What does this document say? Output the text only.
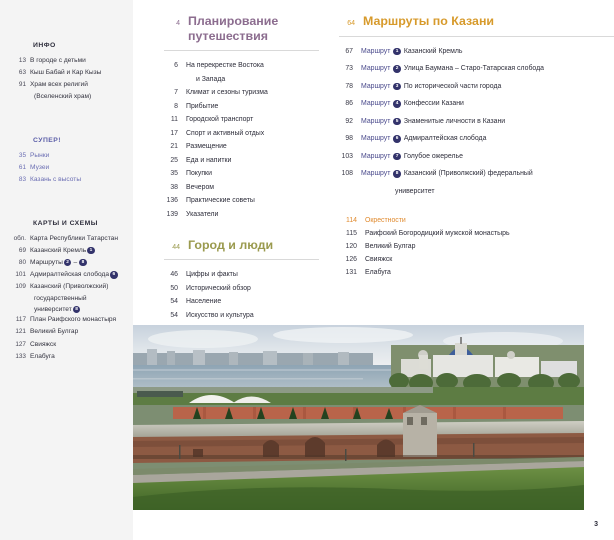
ИНФО
13 В городе с детьми
63 Кыш Бабай и Кар Кызы
91 Храм всех религий
(Вселенский храм)
СУПЕР!
35 Рынки
61 Музеи
83 Казань с высоты
КАРТЫ И СХЕМЫ
обл. Карта Республики Татарстан
69 Казанский Кремль 1
80 Маршруты 2 – 8
101 Адмиралтейская слобода 6
109 Казанский (Приволжский)
государственный
университет 8
117 План Раифского монастыря
121 Великий Булгар
127 Свияжск
133 Елабуга
4 Планирование
путешествия
6	На перекрестке Востока
и Запада
7	Климат и сезоны туризма
8	Прибытие
11	Городской транспорт
17	Спорт и активный отдых
21	Размещение
25	Еда и напитки
35	Покупки
38	Вечером
136	Практические советы
139	Указатели
44 Город и люди
46	Цифры и факты
50	Исторический обзор
54	Население
54	Искусство и культура
64 Маршруты по Казани
67	Маршрут 1 Казанский Кремль
73	Маршрут 2 Улица Баумана – Старо-Татарская слобода
78	Маршрут 3 По исторической части города
86	Маршрут 4 Конфессии Казани
92	Маршрут 5 Знаменитые личности в Казани
98	Маршрут 6 Адмиралтейская слобода
103	Маршрут 7 Голубое ожерелье
108	Маршрут 8 Казанский (Приволжский) федеральный
университет
114	Окрестности
115	Раифский Богородицкий мужской монастырь
120	Великий Булгар
126	Свияжск
131	Елабуга
3
